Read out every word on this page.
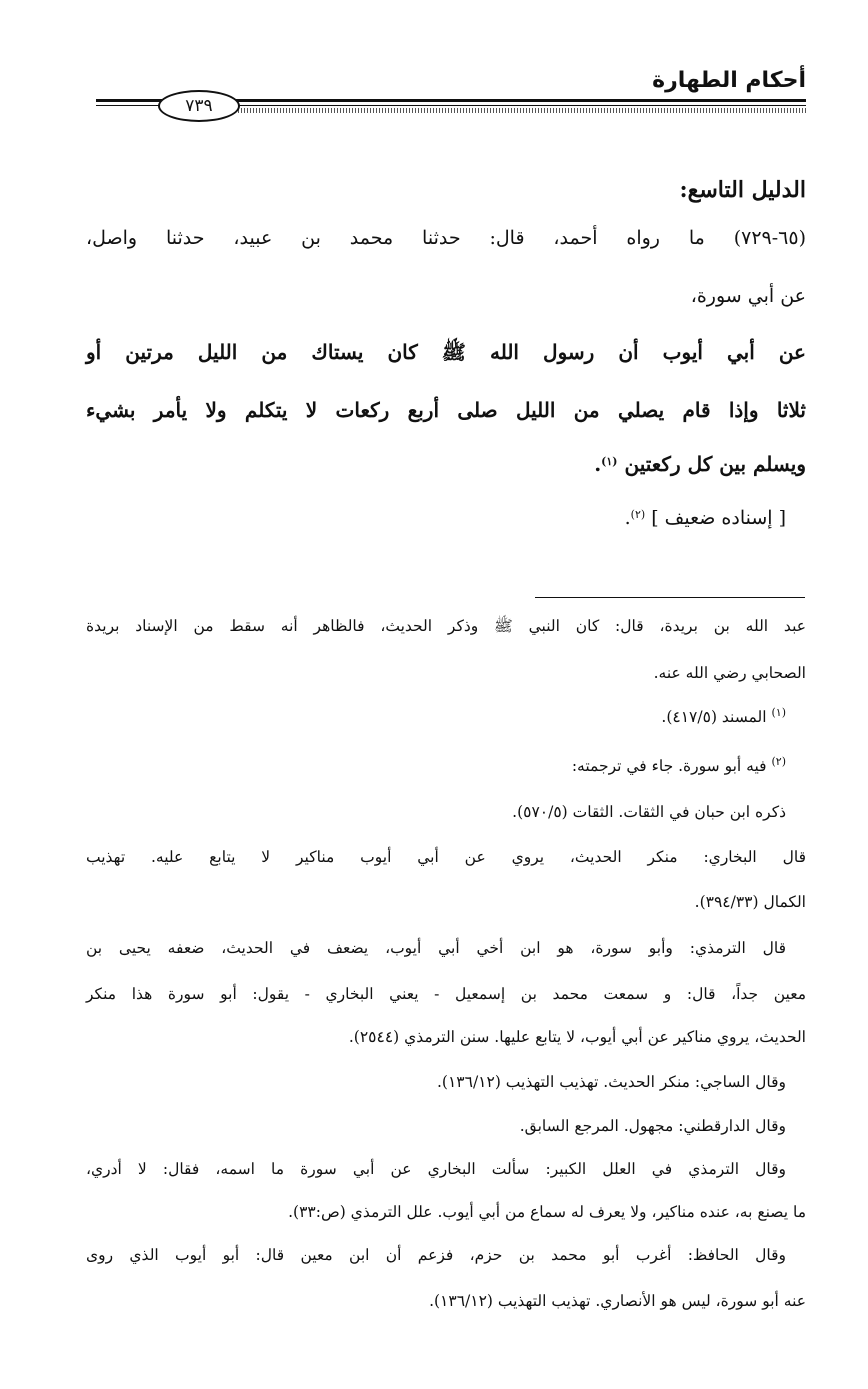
أحكام الطهارة
٧٣٩
الدليل التاسع:
(٦٥-٧٢٩) ما رواه أحمد، قال: حدثنا محمد بن عبيد، حدثنا واصل،
عن أبي سورة،
عن أبي أيوب أن رسول الله ﷺ كان يستاك من الليل مرتين أو
ثلاثا وإذا قام يصلي من الليل صلى أربع ركعات لا يتكلم ولا يأمر بشيء
ويسلم بين كل ركعتين $^{(١)}$.
[ إسناده ضعيف ] $^{(٢)}$.
عبد الله بن بريدة، قال: كان النبي ﷺ وذكر الحديث، فالظاهر أنه سقط من الإسناد بريدة
الصحابي رضي الله عنه.
$^{(١)}$ المسند (٤١٧/٥).
$^{(٢)}$ فيه أبو سورة. جاء في ترجمته:
ذكره ابن حبان في الثقات. الثقات (٥٧٠/٥).
قال البخاري: منكر الحديث، يروي عن أبي أيوب مناكير لا يتابع عليه. تهذيب
الكمال (٣٩٤/٣٣).
قال الترمذي: وأبو سورة، هو ابن أخي أبي أيوب، يضعف في الحديث، ضعفه يحيى بن
معين جداً، قال: و سمعت محمد بن إسمعيل - يعني البخاري - يقول: أبو سورة هذا منكر
الحديث، يروي مناكير عن أبي أيوب، لا يتابع عليها. سنن الترمذي (٢٥٤٤).
وقال الساجي: منكر الحديث. تهذيب التهذيب (١٣٦/١٢).
وقال الدارقطني: مجهول. المرجع السابق.
وقال الترمذي في العلل الكبير: سألت البخاري عن أبي سورة ما اسمه، فقال: لا أدري،
ما يصنع به، عنده مناكير، ولا يعرف له سماع من أبي أيوب. علل الترمذي (ص:٣٣).
وقال الحافظ: أغرب أبو محمد بن حزم، فزعم أن ابن معين قال: أبو أيوب الذي روى
عنه أبو سورة، ليس هو الأنصاري. تهذيب التهذيب (١٣٦/١٢).
